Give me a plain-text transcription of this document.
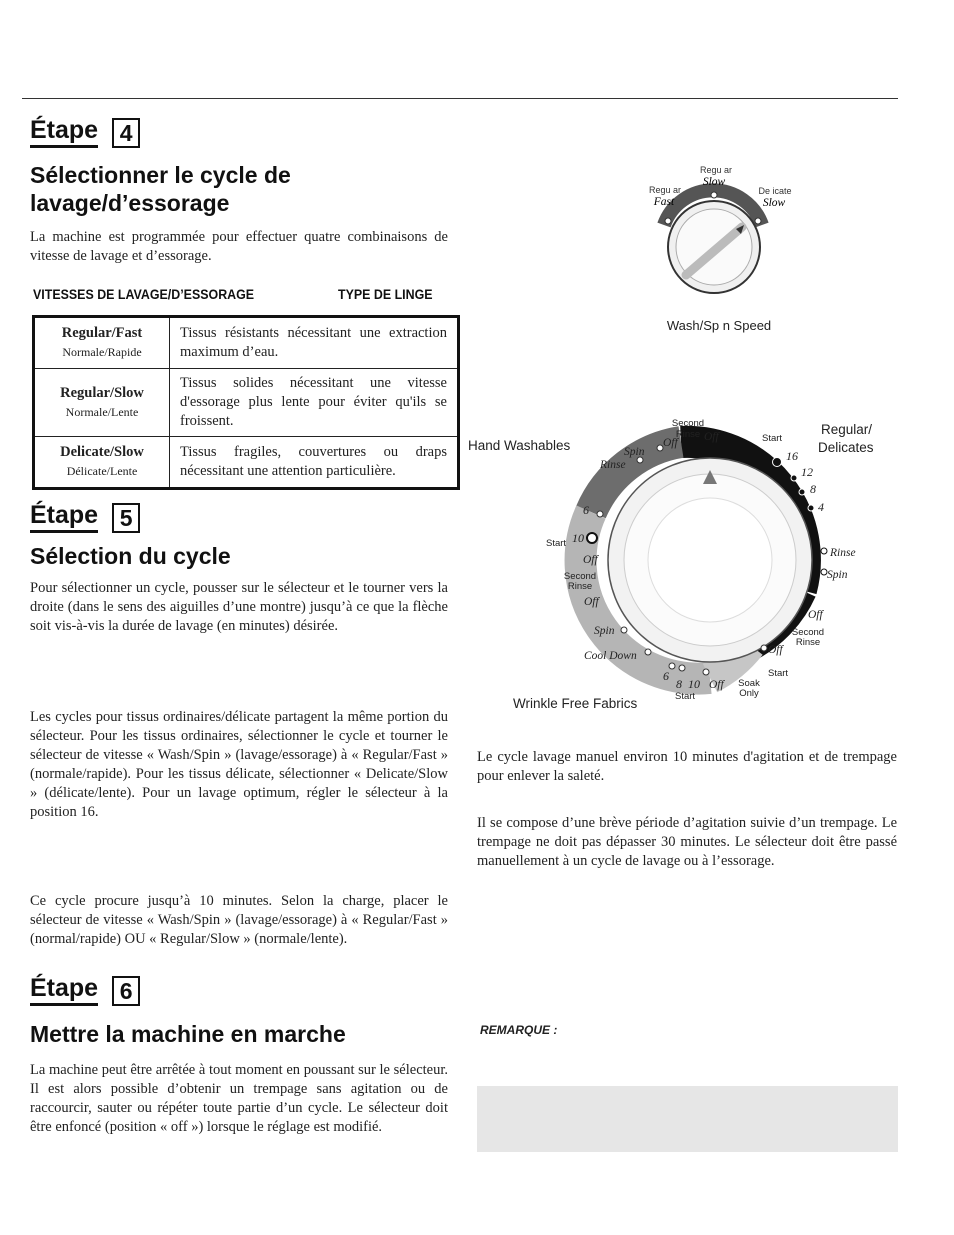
Étape 4
Sélectionner le cycle de
lavage/d’essorage
La machine est programmée pour effectuer quatre combinaisons de vitesse de lavage et d’essorage.
VITESSES DE LAVAGE/D’ESSORAGE	TYPE DE LINGE
Regular/Fast
Normale/Rapide	Tissus résistants nécessitant une extraction maximum d’eau.

Regular/Slow
Normale/Lente	Tissus solides nécessitant une vitesse d'essorage plus lente pour éviter qu'ils se froissent.

Delicate/Slow
Délicate/Lente	Tissus fragiles, couvertures ou draps nécessitant une attention particulière.
Étape 5
Sélection du cycle
Pour sélectionner un cycle, pousser sur le sélecteur et le tourner vers la droite (dans le sens des aiguilles d’une montre) jusqu’à ce que la flèche soit vis-à-vis la durée de lavage (en minutes) désirée.
Les cycles pour tissus ordinaires/délicate partagent la même portion du sélecteur. Pour les tissus ordinaires, sélectionner le cycle et tourner le sélecteur de vitesse « Wash/Spin » (lavage/essorage) à « Regular/Fast » (normale/rapide). Pour les tissus délicate, sélectionner « Delicate/Slow » (délicate/lente). Pour un lavage optimum, régler le sélecteur à la position 16.
Ce cycle procure jusqu’à 10 minutes. Selon la charge, placer le sélecteur de vitesse « Wash/Spin » (lavage/essorage) à « Regular/Fast » (normal/rapide) OU « Regular/Slow » (normale/lente).
Étape 6
Mettre la machine en marche
La machine peut être arrêtée à tout moment en poussant sur le sélecteur. Il est alors possible d’obtenir un trempage sans agitation ou de raccourcir, sauter ou répéter toute partie d’un cycle. Le sélecteur doit être enfoncé (position « off ») lorsque le réglage est modifié.
Le cycle lavage manuel environ 10 minutes d'agitation et de trempage pour enlever la saleté.
Il se compose d’une brève période d’agitation suivie d’un trempage. Le trempage ne doit pas dépasser 30 minutes. Le sélecteur doit être passé manuellement à un cycle de lavage ou à l’essorage.
REMARQUE :
Regu ar
Slow
Regu ar
Fast
De icate
Slow
Wash/Sp n Speed
Hand Washables
Regular/
Delicates
Wrinkle Free Fabrics
Second
Rinse
Off Off	Start
Spin
Rinse
16
12
8
4
Rinse
Spin
Off
Second
Rinse
Off
Start
6
10
Start
Off
Second
Rinse
Off
Spin
Cool Down
6
8 10 Off
Start
Soak
Only
